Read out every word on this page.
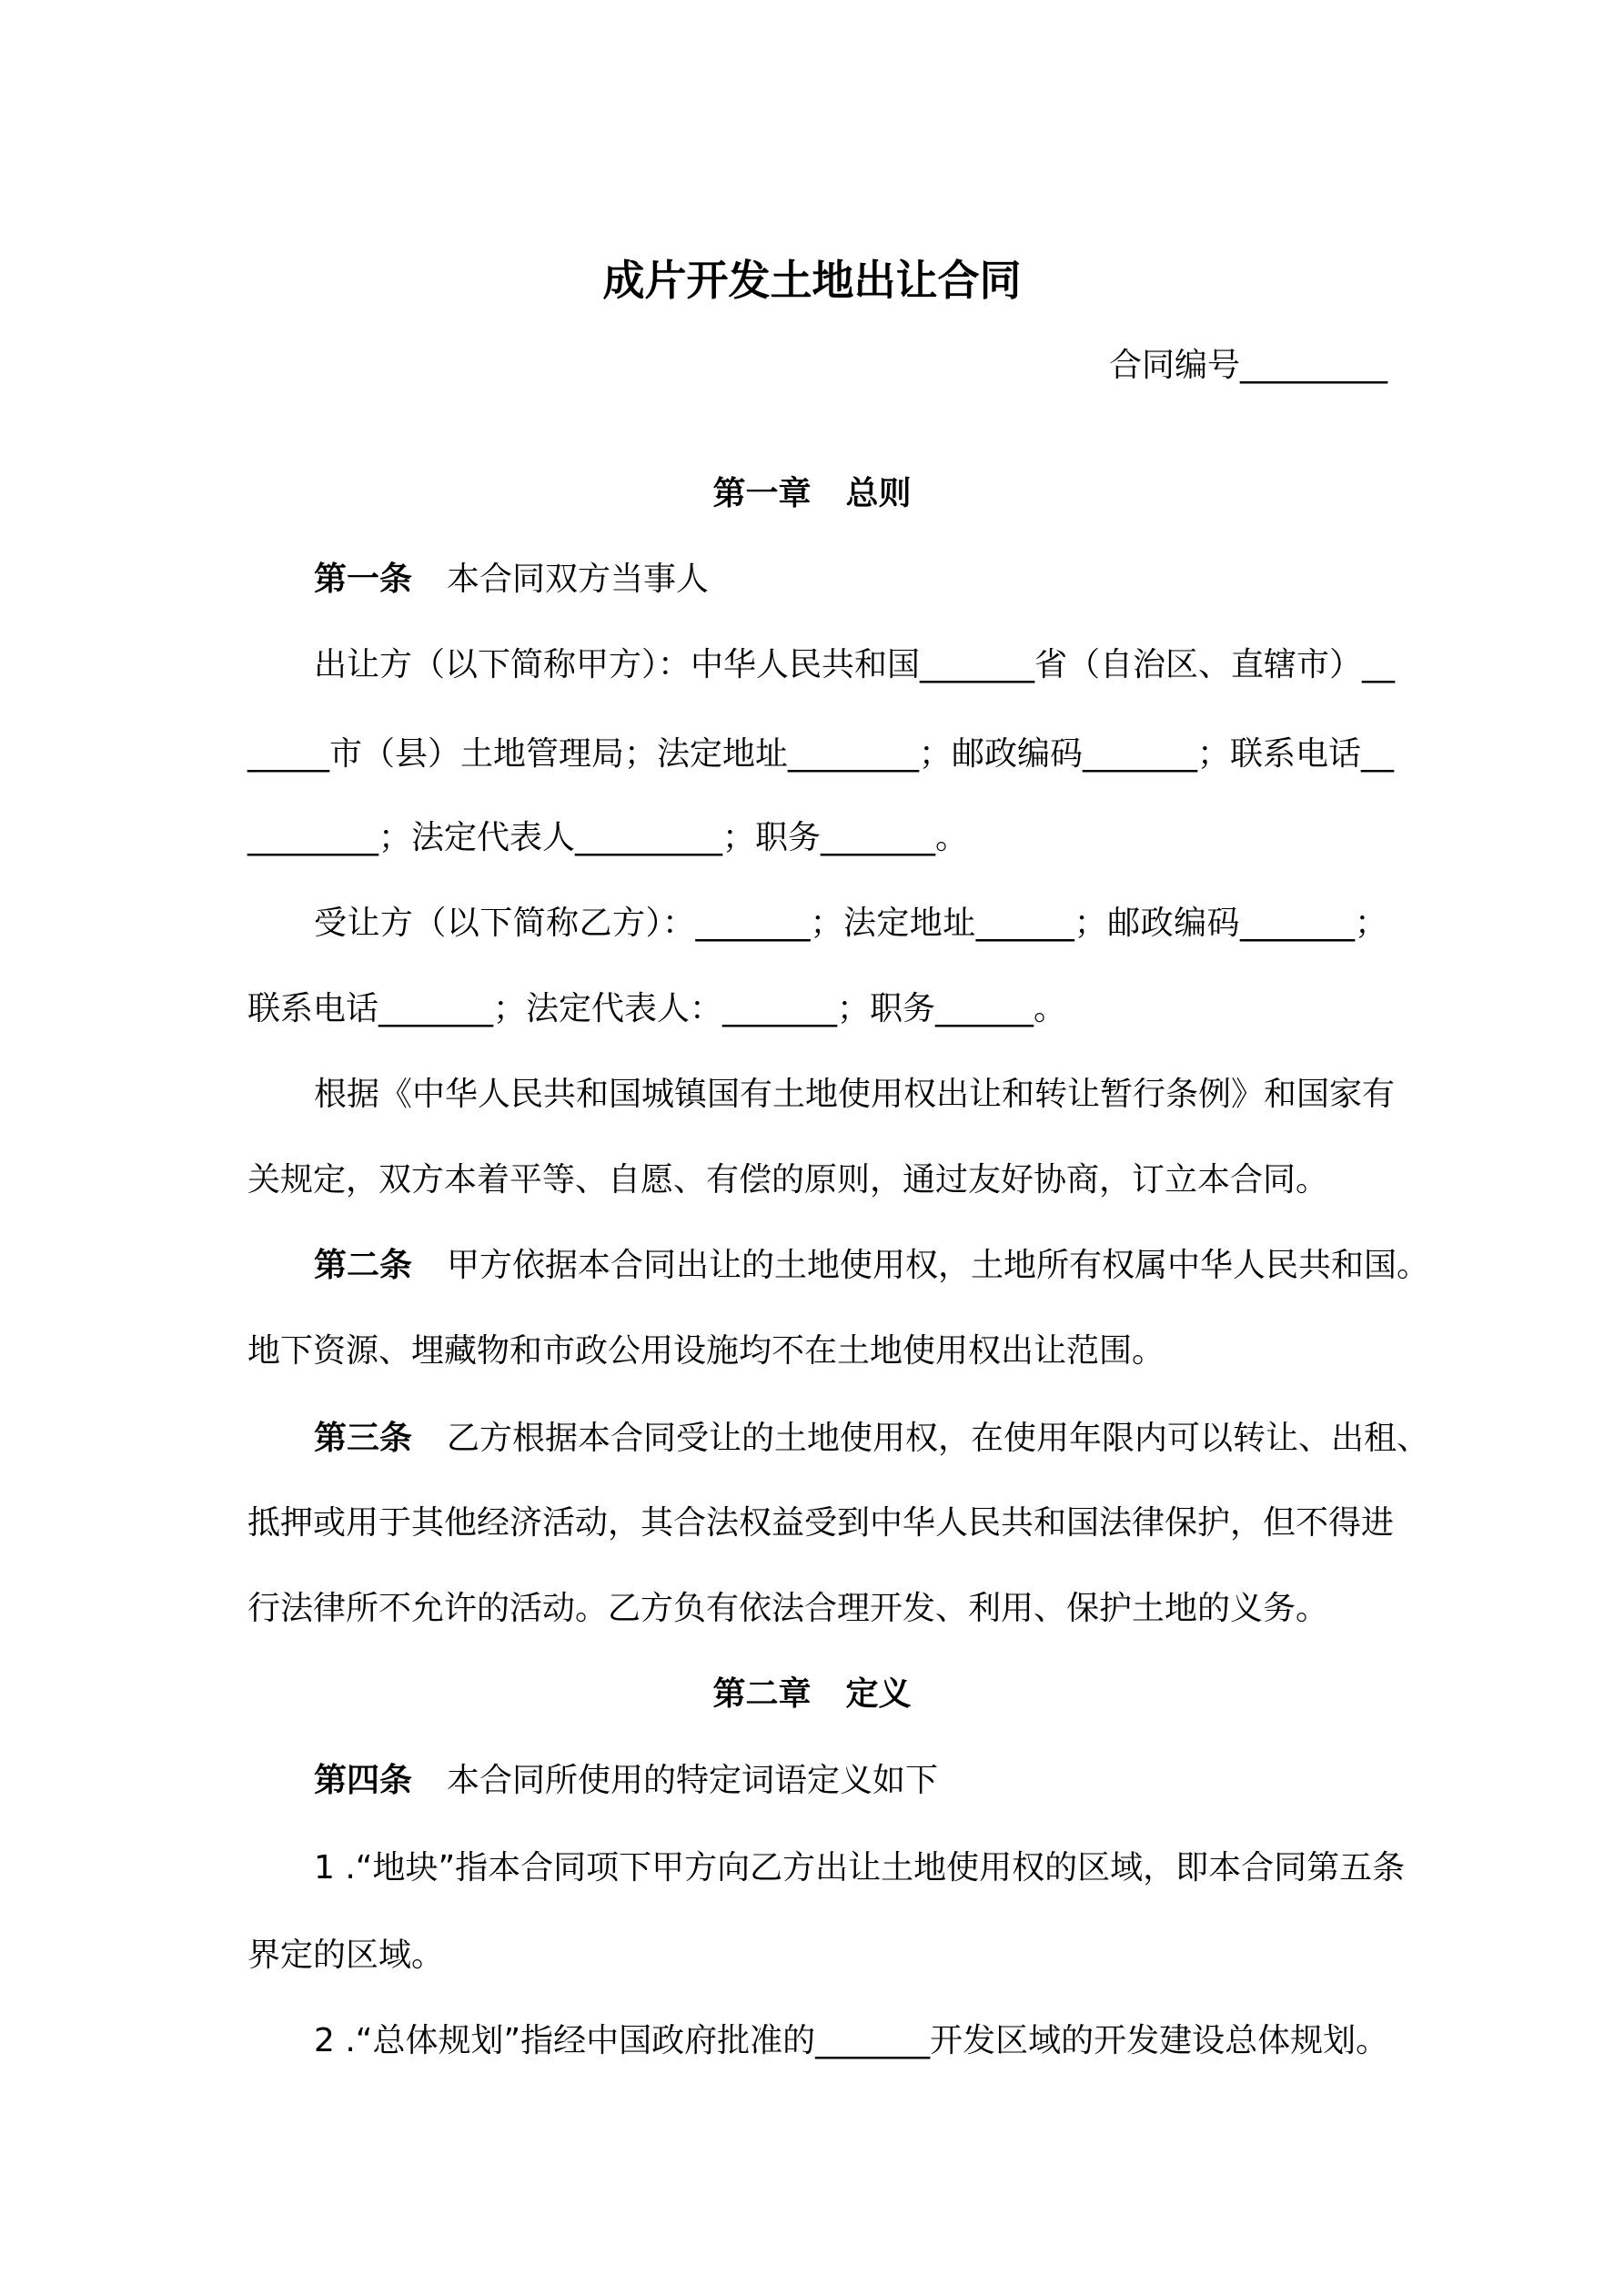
成片开发土地出让合同
合同编号_________
第一章 总则
第一条 本合同双方当事人
出让方（以下简称甲方）：中华人民共和国_______省（自治区、直辖市）__
_____市（县）土地管理局；法定地址________；邮政编码_______；联系电话__
________；法定代表人_________；职务_______。
受让方（以下简称乙方）：_______；法定地址______；邮政编码_______；
联系电话_______；法定代表人：_______；职务______。
根据《中华人民共和国城镇国有土地使用权出让和转让暂行条例》和国家有
关规定，双方本着平等、自愿、有偿的原则，通过友好协商，订立本合同。
第二条 甲方依据本合同出让的土地使用权，土地所有权属中华人民共和国。
地下资源、埋藏物和市政公用设施均不在土地使用权出让范围。
第三条 乙方根据本合同受让的土地使用权，在使用年限内可以转让、出租、
抵押或用于其他经济活动，其合法权益受到中华人民共和国法律保护，但不得进
行法律所不允许的活动。乙方负有依法合理开发、利用、保护土地的义务。
第二章 定义
第四条 本合同所使用的特定词语定义如下
1 .“地块”指本合同项下甲方向乙方出让土地使用权的区域，即本合同第五条
界定的区域。
2 .“总体规划”指经中国政府批准的_______开发区域的开发建设总体规划。
